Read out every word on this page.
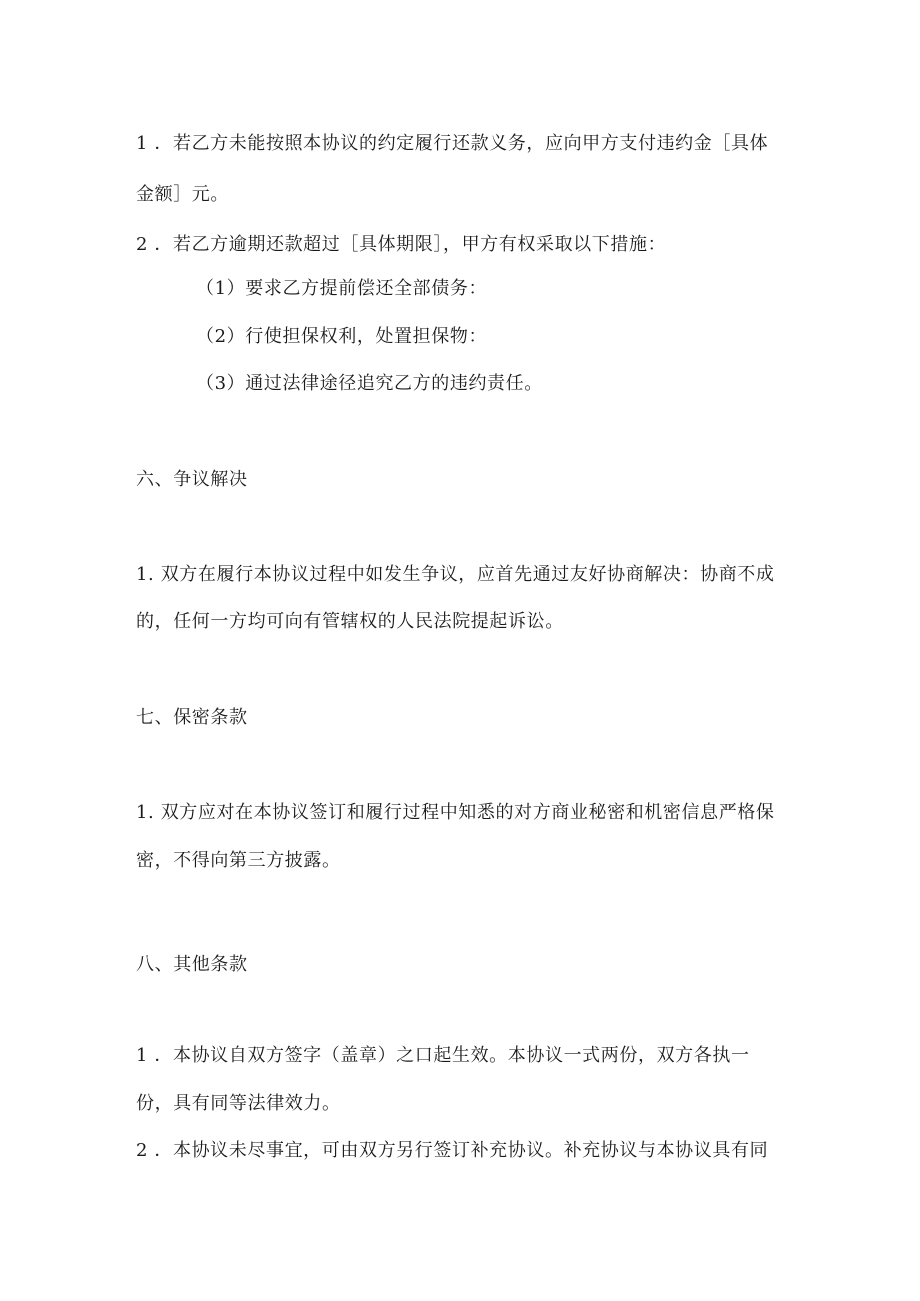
1 ．若乙方未能按照本协议的约定履行还款义务，应向甲方支付违约金［具体
金额］元。
2 ．若乙方逾期还款超过［具体期限］，甲方有权采取以下措施：
（1）要求乙方提前偿还全部债务：
（2）行使担保权利，处置担保物：
（3）通过法律途径追究乙方的违约责任。
六、争议解决
1. 双方在履行本协议过程中如发生争议，应首先通过友好协商解决：协商不成
的，任何一方均可向有管辖权的人民法院提起诉讼。
七、保密条款
1. 双方应对在本协议签订和履行过程中知悉的对方商业秘密和机密信息严格保
密，不得向第三方披露。
八、其他条款
1 ．本协议自双方签字（盖章）之口起生效。本协议一式两份，双方各执一
份，具有同等法律效力。
2 ．本协议未尽事宜，可由双方另行签订补充协议。补充协议与本协议具有同
